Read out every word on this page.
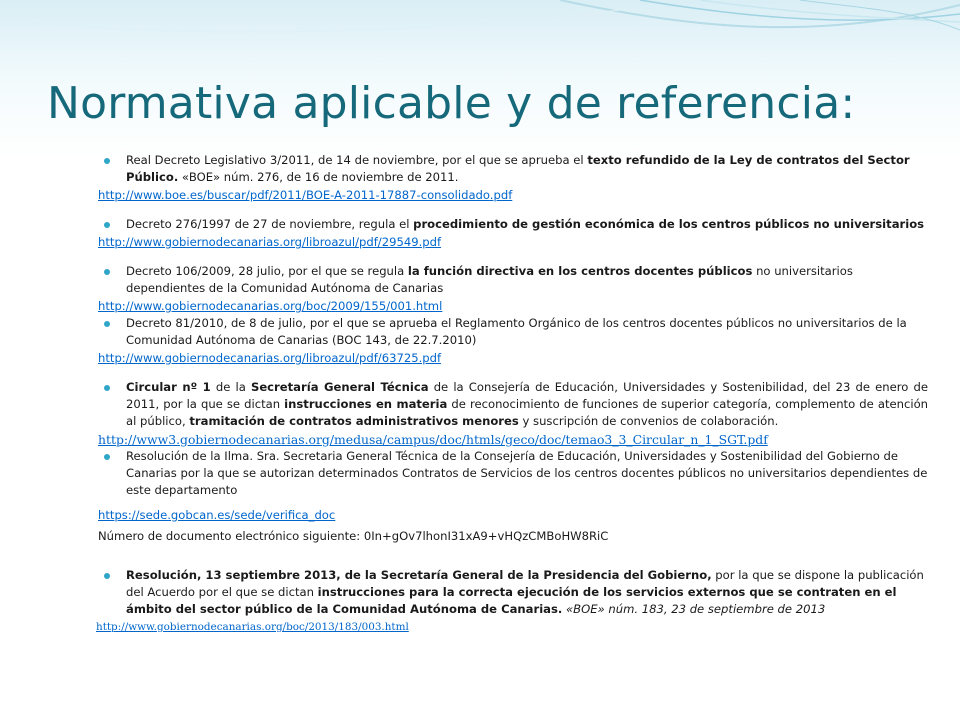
Normativa aplicable y de referencia:
Real Decreto Legislativo 3/2011, de 14 de noviembre, por el que se aprueba el texto refundido de la Ley de contratos del Sector Público. «BOE» núm. 276, de 16 de noviembre de 2011.
http://www.boe.es/buscar/pdf/2011/BOE-A-2011-17887-consolidado.pdf
Decreto 276/1997 de 27 de noviembre, regula el procedimiento de gestión económica de los centros públicos no universitarios
http://www.gobiernodecanarias.org/libroazul/pdf/29549.pdf
Decreto 106/2009, 28 julio, por el que se regula la función directiva en los centros docentes públicos no universitarios dependientes de la Comunidad Autónoma de Canarias
http://www.gobiernodecanarias.org/boc/2009/155/001.html
Decreto 81/2010, de 8 de julio, por el que se aprueba el Reglamento Orgánico de los centros docentes públicos no universitarios de la Comunidad Autónoma de Canarias (BOC 143, de 22.7.2010)
http://www.gobiernodecanarias.org/libroazul/pdf/63725.pdf
Circular nº 1 de la Secretaría General Técnica de la Consejería de Educación, Universidades y Sostenibilidad, del 23 de enero de 2011, por la que se dictan instrucciones en materia de reconocimiento de funciones de superior categoría, complemento de atención al público, tramitación de contratos administrativos menores y suscripción de convenios de colaboración.
http://www3.gobiernodecanarias.org/medusa/campus/doc/htmls/geco/doc/temao3_3_Circular_n_1_SGT.pdf
Resolución de la Ilma. Sra. Secretaria General Técnica de la Consejería de Educación, Universidades y Sostenibilidad del Gobierno de Canarias por la que se autorizan determinados Contratos de Servicios de los centros docentes públicos no universitarios dependientes de este departamento
https://sede.gobcan.es/sede/verifica_doc
Número de documento electrónico siguiente: 0In+gOv7lhonI31xA9+vHQzCMBoHW8RiC
Resolución, 13 septiembre 2013, de la Secretaría General de la Presidencia del Gobierno, por la que se dispone la publicación del Acuerdo por el que se dictan instrucciones para la correcta ejecución de los servicios externos que se contraten en el ámbito del sector público de la Comunidad Autónoma de Canarias. «BOE» núm. 183, 23 de septiembre de 2013
http://www.gobiernodecanarias.org/boc/2013/183/003.html
